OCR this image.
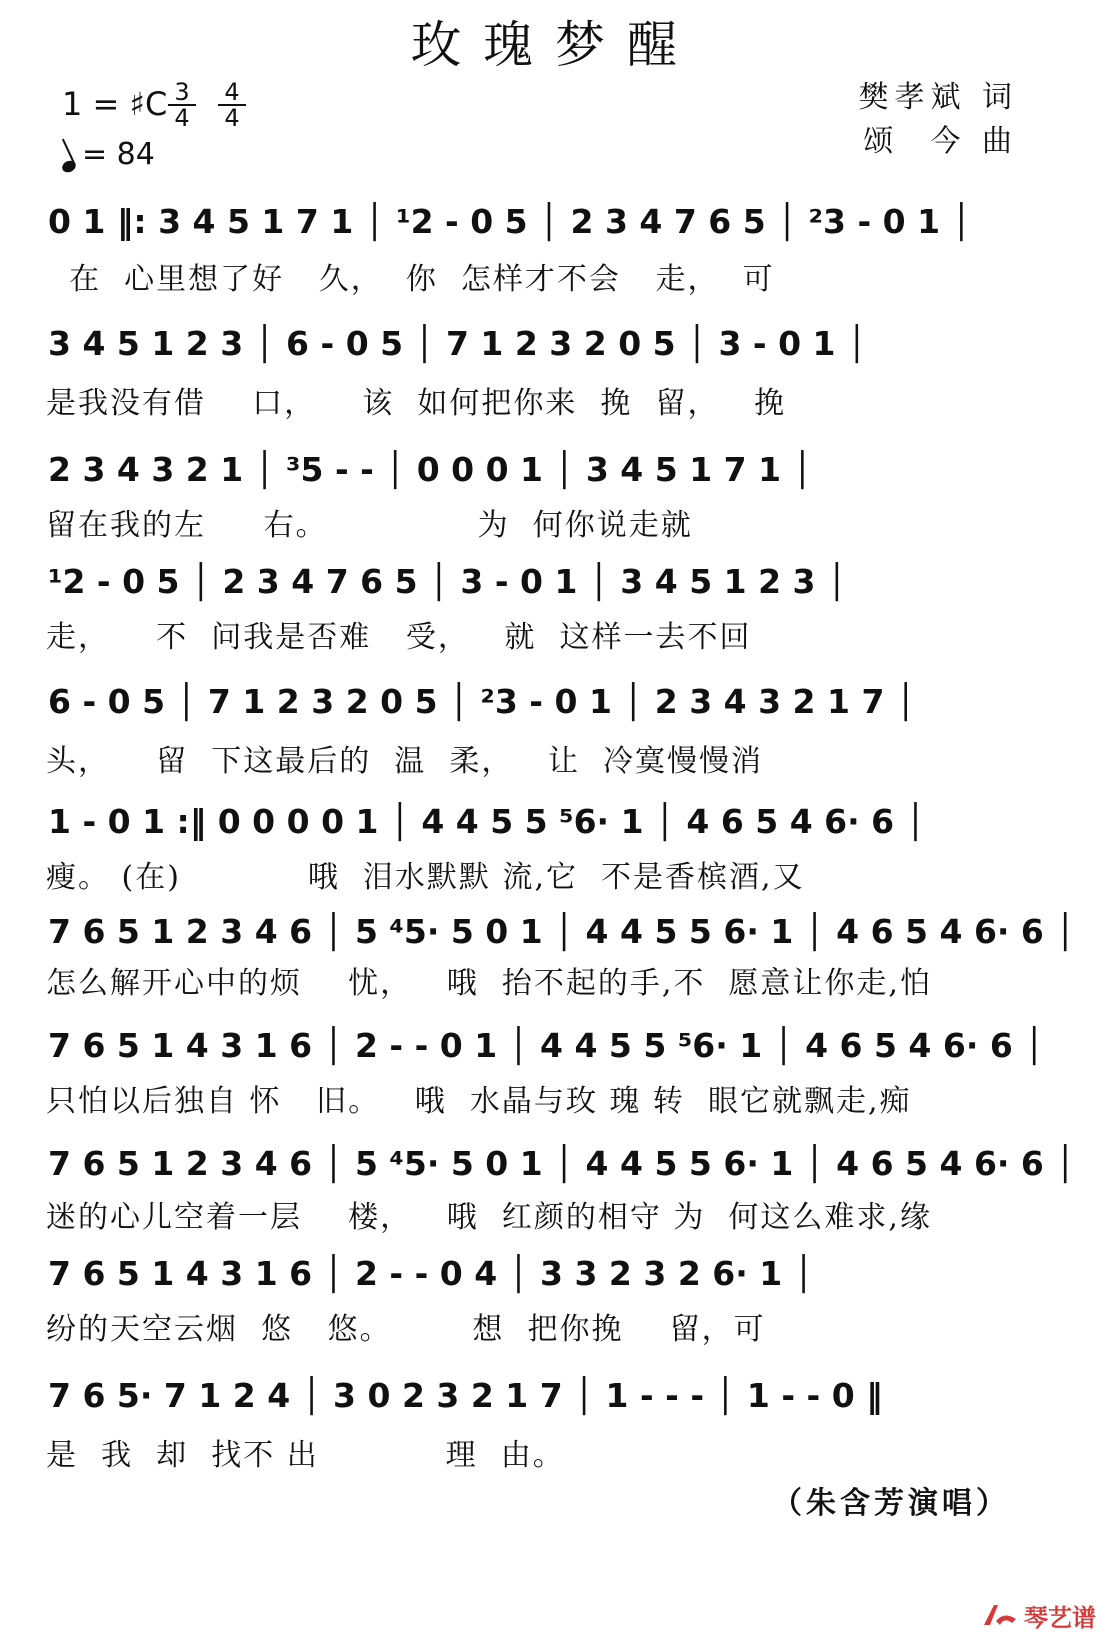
玫瑰梦醒
1 = ♯C $\frac{3}{4} \frac{4}{4}$
= 84
樊孝斌 词
颂  今 曲
0 1 ‖: 3 4 5 1 7 1 │ ¹2 - 0 5 │ 2 3 4 7 6 5 │ ²3 - 0 1 │
在  心里想了好   久，  你  怎样才不会   走，  可
3 4 5 1 2 3 │ 6 - 0 5 │ 7 1 2 3 2 0 5 │ 3 - 0 1 │
是我没有借    口，    该  如何把你来  挽  留，   挽
2 3 4 3 2 1 │ ³5 - - │ 0 0 0 1 │ 3 4 5 1 7 1 │
留在我的左     右。             为  何你说走就
¹2 - 0 5 │ 2 3 4 7 6 5 │ 3 - 0 1 │ 3 4 5 1 2 3 │
走，    不  问我是否难   受，   就  这样一去不回
6 - 0 5 │ 7 1 2 3 2 0 5 │ ²3 - 0 1 │ 2 3 4 3 2 1 7 │
头，    留  下这最后的  温  柔，   让  冷寞慢慢消
1 - 0 1 :‖ 0 0 0 0 1 │ 4 4 5 5 ⁵6· 1 │ 4 6 5 4 6· 6 │
瘦。 (在)           哦  泪水默默 流,它  不是香槟酒,又
7 6 5 1 2 3 4 6 │ 5 ⁴5· 5 0 1 │ 4 4 5 5 6· 1 │ 4 6 5 4 6· 6 │
怎么解开心中的烦    忧，   哦  抬不起的手,不  愿意让你走,怕
7 6 5 1 4 3 1 6 │ 2 - - 0 1 │ 4 4 5 5 ⁵6· 1 │ 4 6 5 4 6· 6 │
只怕以后独自 怀   旧。   哦  水晶与玫 瑰 转  眼它就飘走,痴
7 6 5 1 2 3 4 6 │ 5 ⁴5· 5 0 1 │ 4 4 5 5 6· 1 │ 4 6 5 4 6· 6 │
迷的心儿空着一层    楼，   哦  红颜的相守 为  何这么难求,缘
7 6 5 1 4 3 1 6 │ 2 - - 0 4 │ 3 3 2 3 2 6· 1 │
纷的天空云烟  悠   悠。       想  把你挽    留，可
7 6 5· 7 1 2 4 │ 3 0 2 3 2 1 7 │ 1 - - - │ 1 - - 0 ‖
是  我  却  找不 出           理  由。
（朱含芳演唱）
琴艺谱
